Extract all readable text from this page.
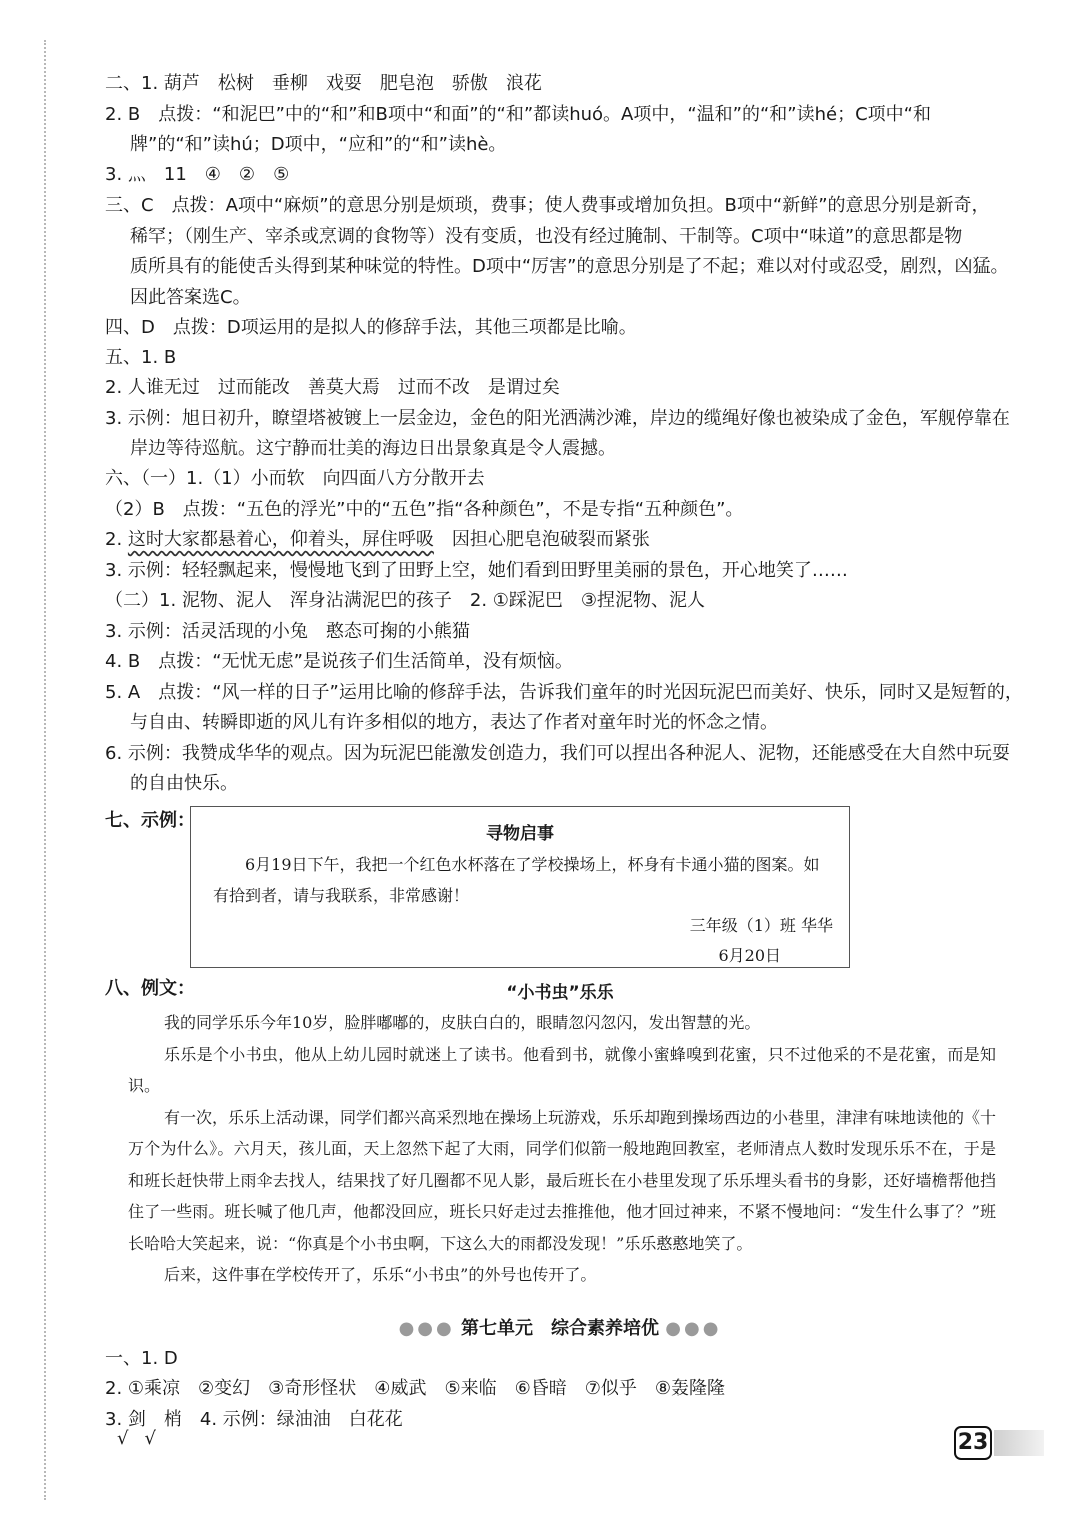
二、1. 葫芦　松树　垂柳　戏耍　肥皂泡　骄傲　浪花
2. B　点拨：“和泥巴”中的“和”和B项中“和面”的“和”都读huó。A项中，“温和”的“和”读hé；C项中“和
牌”的“和”读hú；D项中，“应和”的“和”读hè。
3. 灬　11　④　②　⑤
三、C　点拨：A项中“麻烦”的意思分别是烦琐，费事；使人费事或增加负担。B项中“新鲜”的意思分别是新奇，
稀罕；（刚生产、宰杀或烹调的食物等）没有变质，也没有经过腌制、干制等。C项中“味道”的意思都是物
质所具有的能使舌头得到某种味觉的特性。D项中“厉害”的意思分别是了不起；难以对付或忍受，剧烈，凶猛。
因此答案选C。
四、D　点拨：D项运用的是拟人的修辞手法，其他三项都是比喻。
五、1. B
2. 人谁无过　过而能改　善莫大焉　过而不改　是谓过矣
3. 示例：旭日初升，瞭望塔被镀上一层金边，金色的阳光洒满沙滩，岸边的缆绳好像也被染成了金色，军舰停靠在
岸边等待巡航。这宁静而壮美的海边日出景象真是令人震撼。
六、（一）1.（1）小而软　向四面八方分散开去
（2）B　点拨：“五色的浮光”中的“五色”指“各种颜色”，不是专指“五种颜色”。
2. 这时大家都悬着心，仰着头，屏住呼吸　因担心肥皂泡破裂而紧张
3. 示例：轻轻飘起来，慢慢地飞到了田野上空，她们看到田野里美丽的景色，开心地笑了……
（二）1. 泥物、泥人　浑身沾满泥巴的孩子　2. ①踩泥巴　③捏泥物、泥人
3. 示例：活灵活现的小兔　憨态可掬的小熊猫
4. B　点拨：“无忧无虑”是说孩子们生活简单，没有烦恼。
5. A　点拨：“风一样的日子”运用比喻的修辞手法，告诉我们童年的时光因玩泥巴而美好、快乐，同时又是短暂的，
与自由、转瞬即逝的风儿有许多相似的地方，表达了作者对童年时光的怀念之情。
6. 示例：我赞成华华的观点。因为玩泥巴能激发创造力，我们可以捏出各种泥人、泥物，还能感受在大自然中玩耍
的自由快乐。
七、示例：
寻物启事

6月19日下午，我把一个红色水杯落在了学校操场上，杯身有卡通小猫的图案。如有拾到者，请与我联系，非常感谢！

三年级（1）班 华华
6月20日
八、例文：	“小书虫”乐乐

我的同学乐乐今年10岁，脸胖嘟嘟的，皮肤白白的，眼睛忽闪忽闪，发出智慧的光。

乐乐是个小书虫，他从上幼儿园时就迷上了读书。他看到书，就像小蜜蜂嗅到花蜜，只不过他采的不是花蜜，而是知识。

有一次，乐乐上活动课，同学们都兴高采烈地在操场上玩游戏，乐乐却跑到操场西边的小巷里，津津有味地读他的《十万个为什么》。六月天，孩儿面，天上忽然下起了大雨，同学们似箭一般地跑回教室，老师清点人数时发现乐乐不在，于是和班长赶快带上雨伞去找人，结果找了好几圈都不见人影，最后班长在小巷里发现了乐乐埋头看书的身影，还好墙檐帮他挡住了一些雨。班长喊了他几声，他都没回应，班长只好走过去推推他，他才回过神来，不紧不慢地问：“发生什么事了？”班长哈哈大笑起来，说：“你真是个小书虫啊，下这么大的雨都没发现！”乐乐憨憨地笑了。

后来，这件事在学校传开了，乐乐“小书虫”的外号也传开了。

●●● 第七单元　综合素养培优 ●●●
一、1. D
2. ①乘凉　②变幻　③奇形怪状　④威武　⑤来临　⑥昏暗　⑦似乎　⑧轰隆隆
3. 剑　梢　4. 示例：绿油油　白花花
√√	23
